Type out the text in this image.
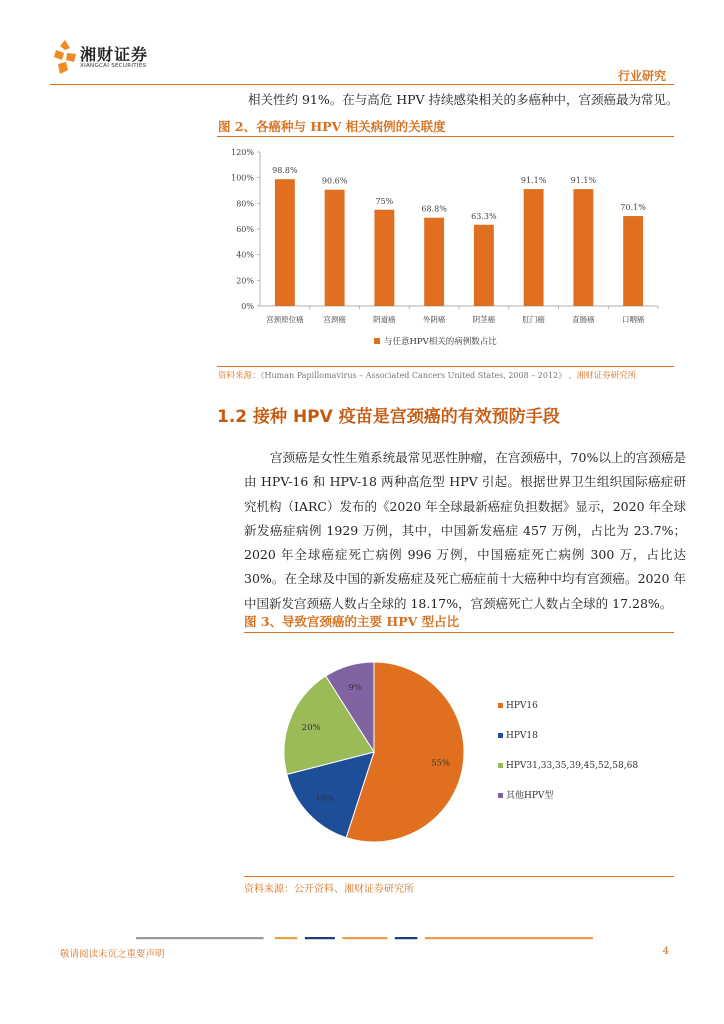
湘财证券
XIANGCAI SECURITIES
行业研究
相关性约 91%。在与高危 HPV 持续感染相关的多癌种中，宫颈癌最为常见。
图 2、各癌种与 HPV 相关病例的关联度
0%
20%
40%
60%
80%
100%
120%
98.8%
90.6%
75%
68.8%
63.3%
91.1%	91.1%
70.1%
宫颈原位癌	宫颈癌	阴道癌	外阴癌	阴茎癌	肛门癌	直肠癌	口咽癌
与任意HPV相关的病例数占比
资料来源：《Human Papillomavirus – Associated Cancers United States, 2008 – 2012》 、湘财证券研究所
1.2 接种 HPV 疫苗是宫颈癌的有效预防手段

宫颈癌是女性生殖系统最常见恶性肿瘤，在宫颈癌中，70%以上的宫颈癌是由 HPV-16 和 HPV-18 两种高危型 HPV 引起。根据世界卫生组织国际癌症研究机构（IARC）发布的《2020 年全球最新癌症负担数据》显示，2020 年全球新发癌症病例 1929 万例，其中，中国新发癌症 457 万例，占比为 23.7%；2020 年全球癌症死亡病例 996 万例，中国癌症死亡病例 300 万，占比达 30%。在全球及中国的新发癌症及死亡癌症前十大癌种中均有宫颈癌。2020 年中国新发宫颈癌人数占全球的 18.17%，宫颈癌死亡人数占全球的 17.28%。

图 3、导致宫颈癌的主要 HPV 型占比
55%
16%
20%
9%
HPV16
HPV18
HPV31,33,35,39,45,52,58,68
其他HPV型
资料来源：公开资料、湘财证券研究所
敬请阅读末页之重要声明	4
